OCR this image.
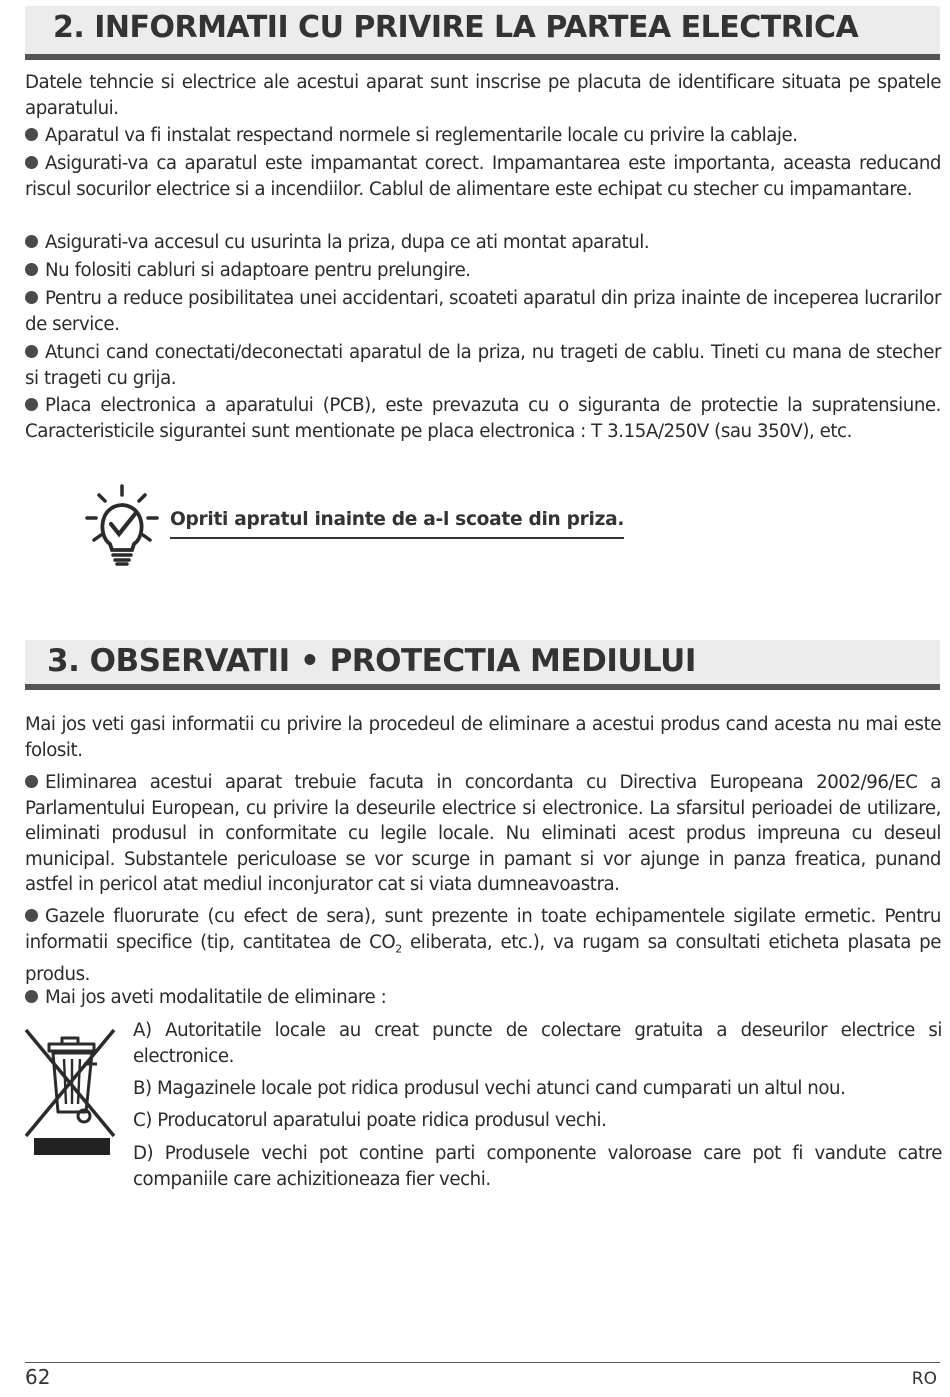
2. INFORMATII CU PRIVIRE LA PARTEA ELECTRICA

Datele tehncie si electrice ale acestui aparat sunt inscrise pe placuta de identificare situata pe spatele aparatului.

Aparatul va fi instalat respectand normele si reglementarile locale cu privire la cablaje.

Asigurati-va ca aparatul este impamantat corect. Impamantarea este importanta, aceasta reducand riscul socurilor electrice si a incendiilor. Cablul de alimentare este echipat cu stecher cu impamantare.

Asigurati-va accesul cu usurinta la priza, dupa ce ati montat aparatul.

Nu folositi cabluri si adaptoare pentru prelungire.

Pentru a reduce posibilitatea unei accidentari, scoateti aparatul din priza inainte de inceperea lucrarilor de service.

Atunci cand conectati/deconectati aparatul de la priza, nu trageti de cablu. Tineti cu mana de stecher si trageti cu grija.

Placa electronica a aparatului (PCB), este prevazuta cu o siguranta de protectie la supratensiune. Caracteristicile sigurantei sunt mentionate pe placa electronica : T 3.15A/250V (sau 350V), etc.

Opriti apratul inainte de a-l scoate din priza.

3. OBSERVATII • PROTECTIA MEDIULUI

Mai jos veti gasi informatii cu privire la procedeul de eliminare a acestui produs cand acesta nu mai este folosit.

Eliminarea acestui aparat trebuie facuta in concordanta cu Directiva Europeana 2002/96/EC a Parlamentului European, cu privire la deseurile electrice si electronice. La sfarsitul perioadei de utilizare, eliminati produsul in conformitate cu legile locale. Nu eliminati acest produs impreuna cu deseul municipal. Substantele periculoase se vor scurge in pamant si vor ajunge in panza freatica, punand astfel in pericol atat mediul inconjurator cat si viata dumneavoastra.

Gazele fluorurate (cu efect de sera), sunt prezente in toate echipamentele sigilate ermetic. Pentru informatii specifice (tip, cantitatea de $CO_2$ eliberata, etc.), va rugam sa consultati eticheta plasata pe produs.

Mai jos aveti modalitatile de eliminare :

A) Autoritatile locale au creat puncte de colectare gratuita a deseurilor electrice si electronice.

B) Magazinele locale pot ridica produsul vechi atunci cand cumparati un altul nou.

C) Producatorul aparatului poate ridica produsul vechi.

D) Produsele vechi pot contine parti componente valoroase care pot fi vandute catre companiile care achizitioneaza fier vechi.

62	RO
